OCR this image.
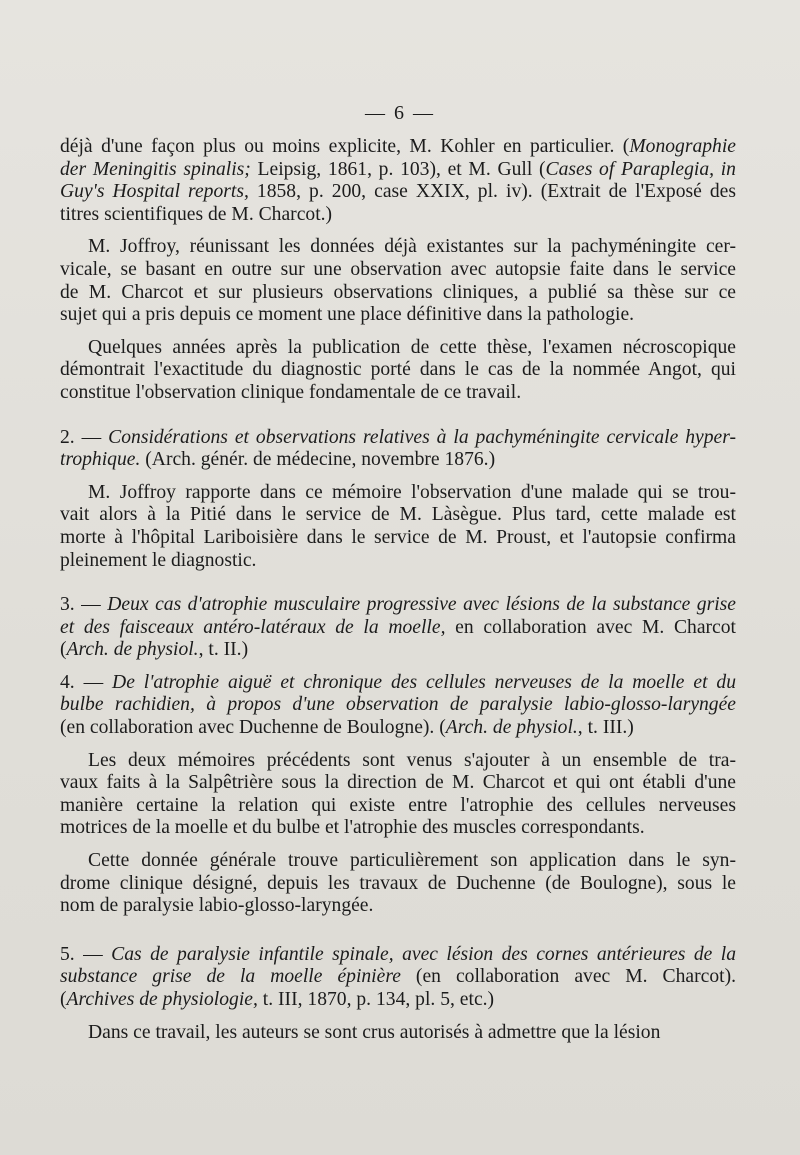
— 6 —

déjà d'une façon plus ou moins explicite, M. Kohler en particulier. (Monographie

der Meningitis spinalis; Leipsig, 1861, p. 103), et M. Gull (Cases of Paraplegia, in

Guy's Hospital reports, 1858, p. 200, case XXIX, pl. iv). (Extrait de l'Exposé des

titres scientifiques de M. Charcot.)

M. Joffroy, réunissant les données déjà existantes sur la pachyméningite cer-

vicale, se basant en outre sur une observation avec autopsie faite dans le service

de M. Charcot et sur plusieurs observations cliniques, a publié sa thèse sur ce

sujet qui a pris depuis ce moment une place définitive dans la pathologie.

Quelques années après la publication de cette thèse, l'examen nécroscopique

démontrait l'exactitude du diagnostic porté dans le cas de la nommée Angot, qui

constitue l'observation clinique fondamentale de ce travail.

2. — Considérations et observations relatives à la pachyméningite cervicale hyper-

trophique. (Arch. génér. de médecine, novembre 1876.)

M. Joffroy rapporte dans ce mémoire l'observation d'une malade qui se trou-

vait alors à la Pitié dans le service de M. Làsègue. Plus tard, cette malade est

morte à l'hôpital Lariboisière dans le service de M. Proust, et l'autopsie confirma

pleinement le diagnostic.

3. — Deux cas d'atrophie musculaire progressive avec lésions de la substance grise

et des faisceaux antéro-latéraux de la moelle, en collaboration avec M. Charcot

(Arch. de physiol., t. II.)

4. — De l'atrophie aiguë et chronique des cellules nerveuses de la moelle et du

bulbe rachidien, à propos d'une observation de paralysie labio-glosso-laryngée

(en collaboration avec Duchenne de Boulogne). (Arch. de physiol., t. III.)

Les deux mémoires précédents sont venus s'ajouter à un ensemble de tra-

vaux faits à la Salpêtrière sous la direction de M. Charcot et qui ont établi d'une

manière certaine la relation qui existe entre l'atrophie des cellules nerveuses

motrices de la moelle et du bulbe et l'atrophie des muscles correspondants.

Cette donnée générale trouve particulièrement son application dans le syn-

drome clinique désigné, depuis les travaux de Duchenne (de Boulogne), sous le

nom de paralysie labio-glosso-laryngée.

5. — Cas de paralysie infantile spinale, avec lésion des cornes antérieures de la

substance grise de la moelle épinière (en collaboration avec M. Charcot).

(Archives de physiologie, t. III, 1870, p. 134, pl. 5, etc.)

Dans ce travail, les auteurs se sont crus autorisés à admettre que la lésion
